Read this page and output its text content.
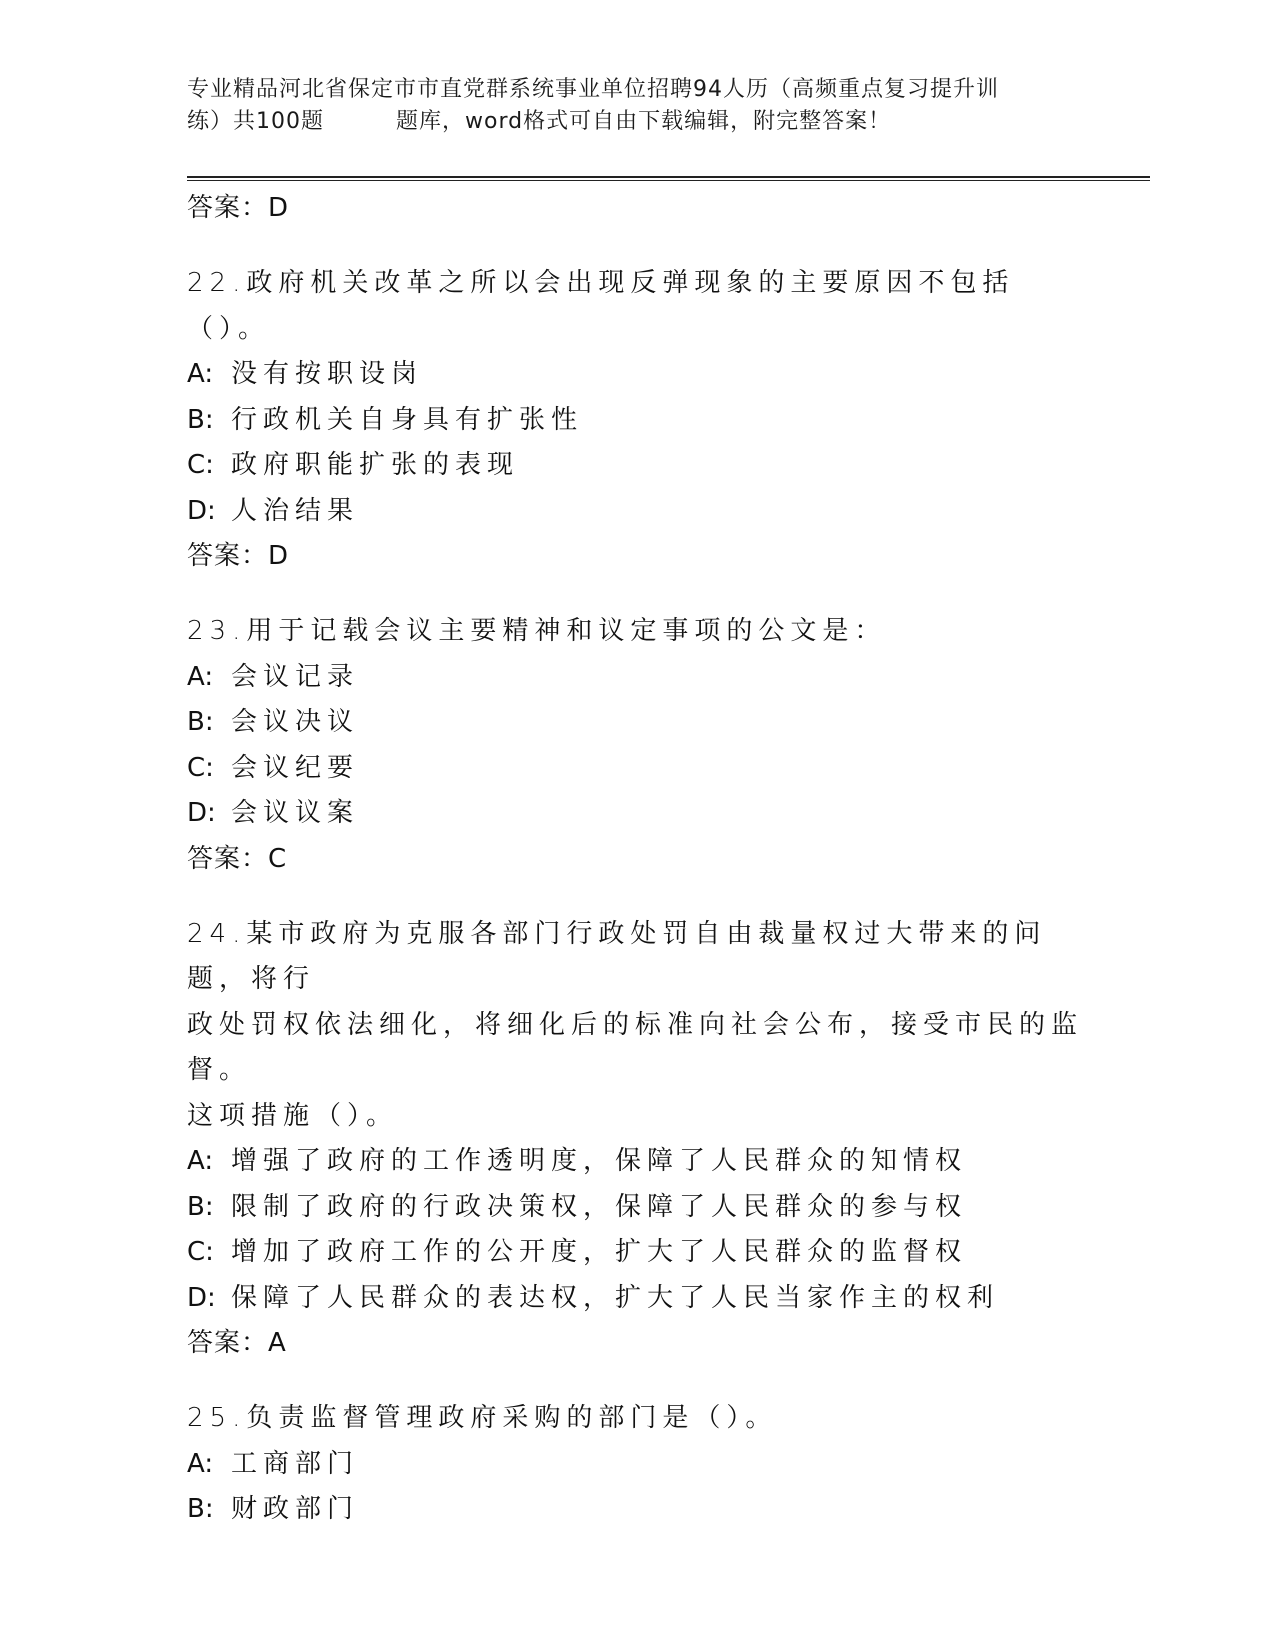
专业精品河北省保定市市直党群系统事业单位招聘94人历（高频重点复习提升训
练）共100题	题库，word格式可自由下载编辑，附完整答案！
答案：D
22.政府机关改革之所以会出现反弹现象的主要原因不包括（）。
A: 没有按职设岗
B: 行政机关自身具有扩张性
C: 政府职能扩张的表现
D: 人治结果
答案：D
23.用于记载会议主要精神和议定事项的公文是：
A: 会议记录
B: 会议决议
C: 会议纪要
D: 会议议案
答案：C
24.某市政府为克服各部门行政处罚自由裁量权过大带来的问题，将行
政处罚权依法细化，将细化后的标准向社会公布，接受市民的监督。
这项措施（）。
A: 增强了政府的工作透明度，保障了人民群众的知情权
B: 限制了政府的行政决策权，保障了人民群众的参与权
C: 增加了政府工作的公开度，扩大了人民群众的监督权
D: 保障了人民群众的表达权，扩大了人民当家作主的权利
答案：A
25.负责监督管理政府采购的部门是（）。
A: 工商部门
B: 财政部门
